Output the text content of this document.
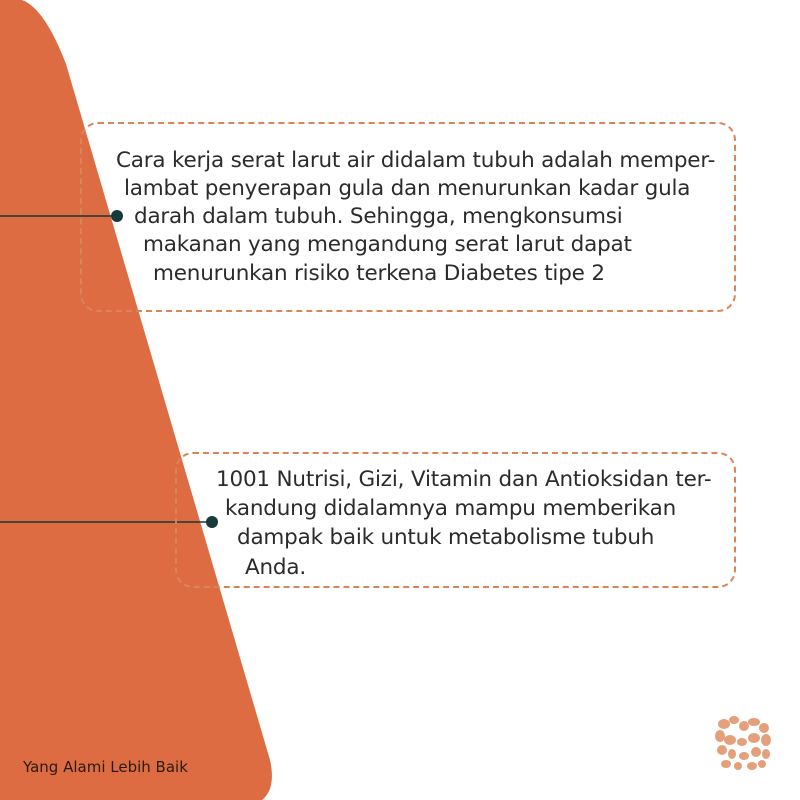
Cara kerja serat larut air didalam tubuh adalah memper-
lambat penyerapan gula dan menurunkan kadar gula
darah dalam tubuh. Sehingga, mengkonsumsi
makanan yang mengandung serat larut dapat
menurunkan risiko terkena Diabetes tipe 2
1001 Nutrisi, Gizi, Vitamin dan Antioksidan ter-
kandung didalamnya mampu memberikan
dampak baik untuk metabolisme tubuh
Anda.
Yang Alami Lebih Baik
